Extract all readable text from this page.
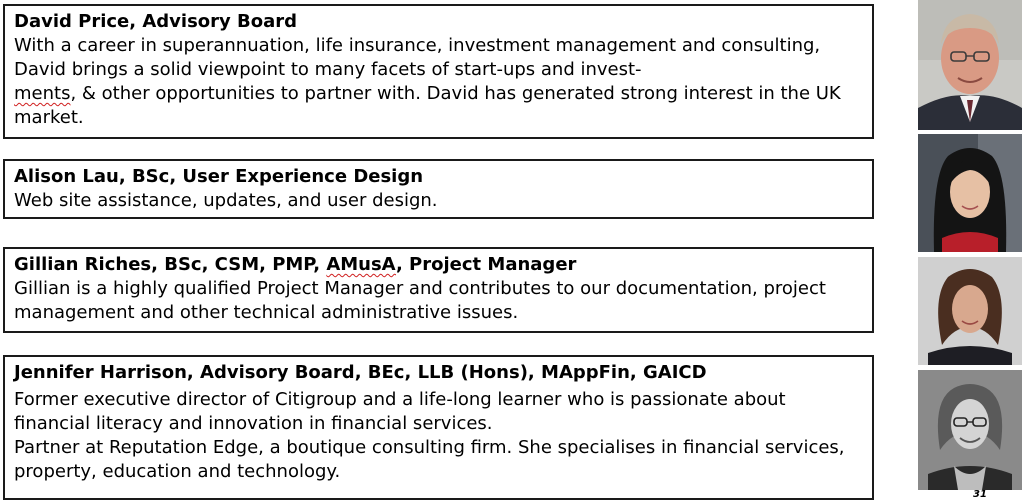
David Price, Advisory Board
With a career in superannuation, life insurance, investment management and consulting, David brings a solid viewpoint to many facets of start-ups and invest-
ments, & other opportunities to partner with. David has generated strong interest in the UK market.
Alison Lau, BSc, User Experience Design
Web site assistance, updates, and user design.
Gillian Riches, BSc, CSM, PMP, AMusA, Project Manager
Gillian is a highly qualified Project Manager and contributes to our documentation, project management and other technical administrative issues.
Jennifer Harrison, Advisory Board, BEc, LLB (Hons), MAppFin, GAICD

Former executive director of Citigroup and a life-long learner who is passionate about financial literacy and innovation in financial services.

Partner at Reputation Edge, a boutique consulting firm. She specialises in financial services, property, education and technology.

31
